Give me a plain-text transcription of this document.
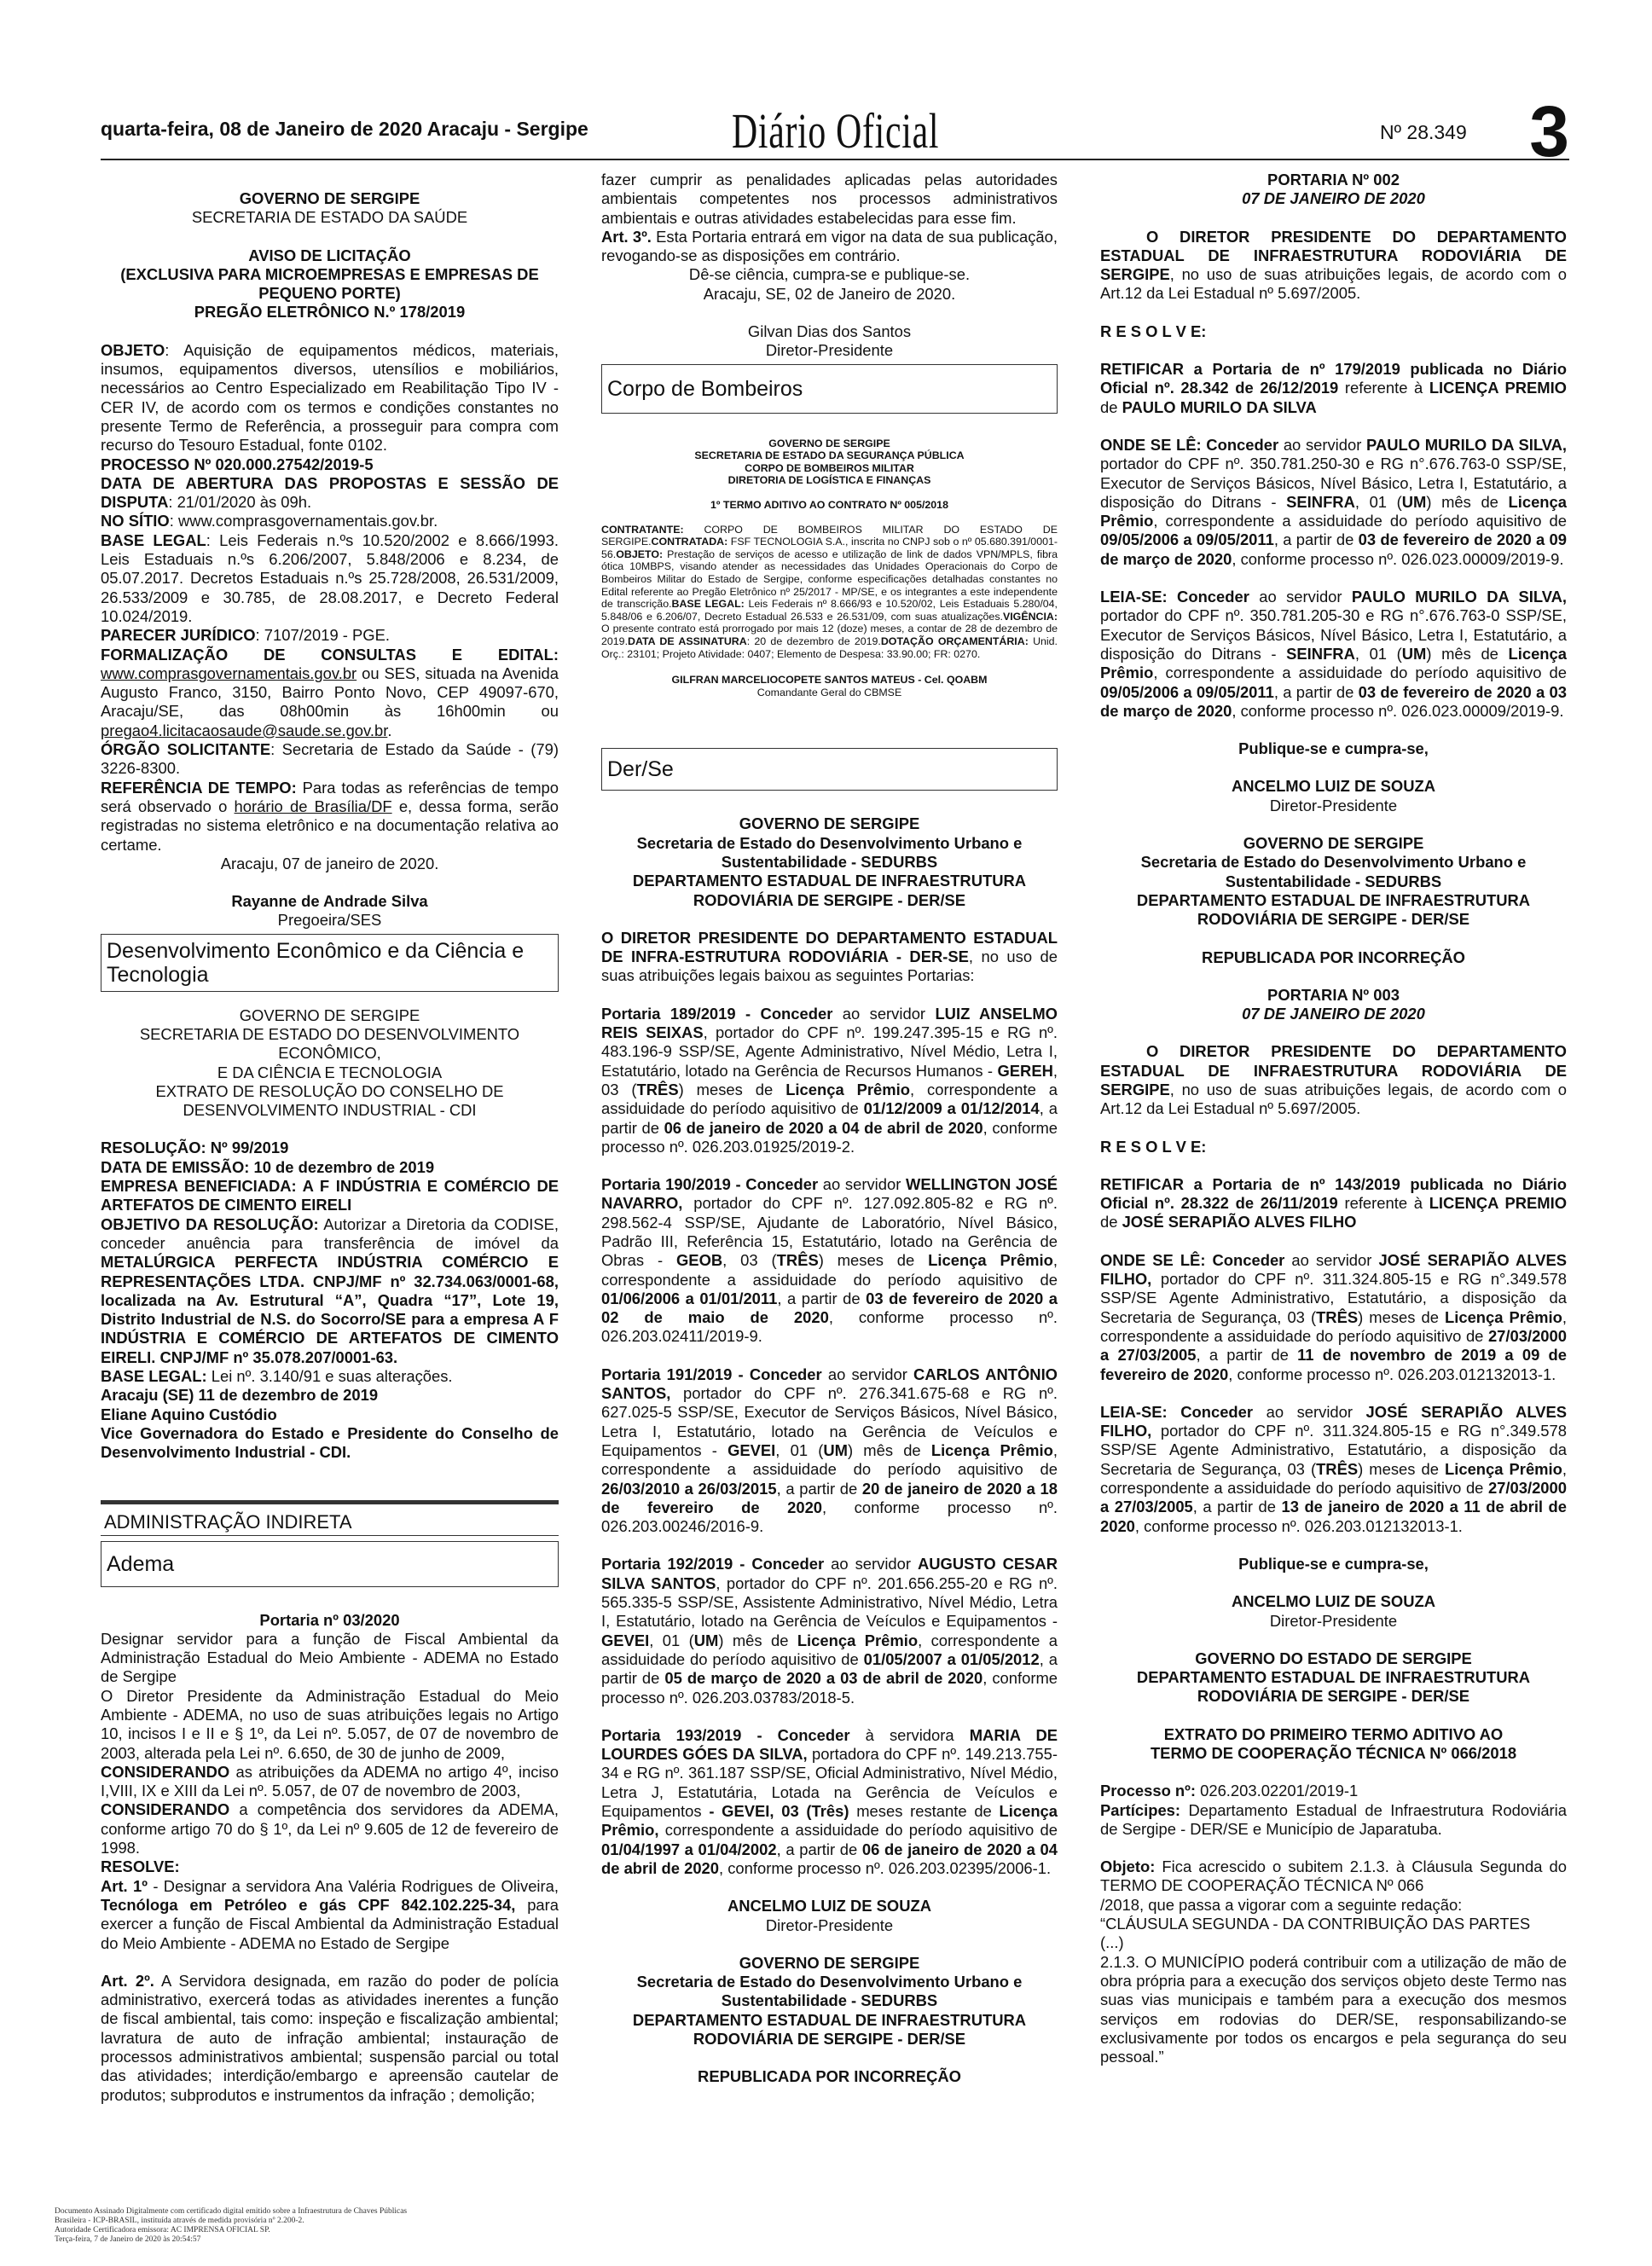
quarta-feira, 08 de Janeiro de 2020 Aracaju - Sergipe	Diário Oficial	Nº 28.349 3

GOVERNO DE SERGIPE

SECRETARIA DE ESTADO DA SAÚDE

AVISO DE LICITAÇÃO

(EXCLUSIVA PARA MICROEMPRESAS E EMPRESAS DE PEQUENO PORTE)

PREGÃO ELETRÔNICO N.º 178/2019

OBJETO: Aquisição de equipamentos médicos, materiais, insumos, equipamentos diversos, utensílios e mobiliários, necessários ao Centro Especializado em Reabilitação Tipo IV - CER IV, de acordo com os termos e condições constantes no presente Termo de Referência, a prosseguir para compra com recurso do Tesouro Estadual, fonte 0102.

PROCESSO Nº 020.000.27542/2019-5

DATA DE ABERTURA DAS PROPOSTAS E SESSÃO DE DISPUTA: 21/01/2020 às 09h.

NO SÍTIO: www.comprasgovernamentais.gov.br.

BASE LEGAL: Leis Federais n.ºs 10.520/2002 e 8.666/1993. Leis Estaduais n.ºs 6.206/2007, 5.848/2006 e 8.234, de 05.07.2017. Decretos Estaduais n.ºs 25.728/2008, 26.531/2009, 26.533/2009 e 30.785, de 28.08.2017, e Decreto Federal 10.024/2019.

PARECER JURÍDICO: 7107/2019 - PGE.

FORMALIZAÇÃO DE CONSULTAS E EDITAL: www.comprasgovernamentais.gov.br ou SES, situada na Avenida Augusto Franco, 3150, Bairro Ponto Novo, CEP 49097-670, Aracaju/SE, das 08h00min às 16h00min ou pregao4.licitacaosaude@saude.se.gov.br.

ÓRGÃO SOLICITANTE: Secretaria de Estado da Saúde - (79) 3226-8300.

REFERÊNCIA DE TEMPO: Para todas as referências de tempo será observado o horário de Brasília/DF e, dessa forma, serão registradas no sistema eletrônico e na documentação relativa ao certame.

Aracaju, 07 de janeiro de 2020.

Rayanne de Andrade Silva

Pregoeira/SES

Desenvolvimento Econômico e da Ciência e Tecnologia

GOVERNO DE SERGIPE

SECRETARIA DE ESTADO DO DESENVOLVIMENTO ECONÔMICO,

E DA CIÊNCIA E TECNOLOGIA

EXTRATO DE RESOLUÇÃO DO CONSELHO DE DESENVOLVIMENTO INDUSTRIAL - CDI

RESOLUÇÃO: Nº 99/2019

DATA DE EMISSÃO: 10 de dezembro de 2019

EMPRESA BENEFICIADA: A F INDÚSTRIA E COMÉRCIO DE ARTEFATOS DE CIMENTO EIRELI

OBJETIVO DA RESOLUÇÃO: Autorizar a Diretoria da CODISE, conceder anuência para transferência de imóvel da METALÚRGICA PERFECTA INDÚSTRIA COMÉRCIO E REPRESENTAÇÕES LTDA. CNPJ/MF nº 32.734.063/0001-68, localizada na Av. Estrutural “A”, Quadra “17”, Lote 19, Distrito Industrial de N.S. do Socorro/SE para a empresa A F INDÚSTRIA E COMÉRCIO DE ARTEFATOS DE CIMENTO EIRELI. CNPJ/MF nº 35.078.207/0001-63.

BASE LEGAL: Lei nº. 3.140/91 e suas alterações.

Aracaju (SE) 11 de dezembro de 2019

Eliane Aquino Custódio

Vice Governadora do Estado e Presidente do Conselho de Desenvolvimento Industrial - CDI.

ADMINISTRAÇÃO INDIRETA
Adema

Portaria nº 03/2020

Designar servidor para a função de Fiscal Ambiental da Administração Estadual do Meio Ambiente - ADEMA no Estado de Sergipe

O Diretor Presidente da Administração Estadual do Meio Ambiente - ADEMA, no uso de suas atribuições legais no Artigo 10, incisos I e II e § 1º, da Lei nº. 5.057, de 07 de novembro de 2003, alterada pela Lei nº. 6.650, de 30 de junho de 2009,

CONSIDERANDO as atribuições da ADEMA no artigo 4º, inciso I,VIII, IX e XIII da Lei nº. 5.057, de 07 de novembro de 2003,

CONSIDERANDO a competência dos servidores da ADEMA, conforme artigo 70 do § 1º, da Lei nº 9.605 de 12 de fevereiro de 1998.

RESOLVE:

Art. 1º - Designar a servidora Ana Valéria Rodrigues de Oliveira, Tecnóloga em Petróleo e gás CPF 842.102.225-34, para exercer a função de Fiscal Ambiental da Administração Estadual do Meio Ambiente - ADEMA no Estado de Sergipe

Art. 2º. A Servidora designada, em razão do poder de polícia administrativo, exercerá todas as atividades inerentes a função de fiscal ambiental, tais como: inspeção e fiscalização ambiental; lavratura de auto de infração ambiental; instauração de processos administrativos ambiental; suspensão parcial ou total das atividades; interdição/embargo e apreensão cautelar de produtos; subprodutos e instrumentos da infração ; demolição;

fazer cumprir as penalidades aplicadas pelas autoridades ambientais competentes nos processos administrativos ambientais e outras atividades estabelecidas para esse fim.

Art. 3º. Esta Portaria entrará em vigor na data de sua publicação, revogando-se as disposições em contrário.

Dê-se ciência, cumpra-se e publique-se.

Aracaju, SE, 02 de Janeiro de 2020.

Gilvan Dias dos Santos

Diretor-Presidente

Corpo de Bombeiros

GOVERNO DE SERGIPE

SECRETARIA DE ESTADO DA SEGURANÇA PÚBLICA

CORPO DE BOMBEIROS MILITAR

DIRETORIA DE LOGÍSTICA E FINANÇAS

1º TERMO ADITIVO AO CONTRATO Nº 005/2018

CONTRATANTE: CORPO DE BOMBEIROS MILITAR DO ESTADO DE SERGIPE.CONTRATADA: FSF TECNOLOGIA S.A., inscrita no CNPJ sob o nº 05.680.391/0001-56.OBJETO: Prestação de serviços de acesso e utilização de link de dados VPN/MPLS, fibra ótica 10MBPS, visando atender as necessidades das Unidades Operacionais do Corpo de Bombeiros Militar do Estado de Sergipe, conforme especificações detalhadas constantes no Edital referente ao Pregão Eletrônico nº 25/2017 - MP/SE, e os integrantes a este independente de transcrição.BASE LEGAL: Leis Federais nº 8.666/93 e 10.520/02, Leis Estaduais 5.280/04, 5.848/06 e 6.206/07, Decreto Estadual 26.533 e 26.531/09, com suas atualizações.VIGÊNCIA: O presente contrato está prorrogado por mais 12 (doze) meses, a contar de 28 de dezembro de 2019.DATA DE ASSINATURA: 20 de dezembro de 2019.DOTAÇÃO ORÇAMENTÁRIA: Unid. Orç.: 23101; Projeto Atividade: 0407; Elemento de Despesa: 33.90.00; FR: 0270.

GILFRAN MARCELIOCOPETE SANTOS MATEUS - Cel. QOABM

Comandante Geral do CBMSE

Der/Se

GOVERNO DE SERGIPE

Secretaria de Estado do Desenvolvimento Urbano e Sustentabilidade - SEDURBS

DEPARTAMENTO ESTADUAL DE INFRAESTRUTURA RODOVIÁRIA DE SERGIPE - DER/SE

O DIRETOR PRESIDENTE DO DEPARTAMENTO ESTADUAL DE INFRA-ESTRUTURA RODOVIÁRIA - DER-SE, no uso de suas atribuições legais baixou as seguintes Portarias:

Portaria 189/2019 - Conceder ao servidor LUIZ ANSELMO REIS SEIXAS, portador do CPF nº. 199.247.395-15 e RG nº. 483.196-9 SSP/SE, Agente Administrativo, Nível Médio, Letra I, Estatutário, lotado na Gerência de Recursos Humanos - GEREH, 03 (TRÊS) meses de Licença Prêmio, correspondente a assiduidade do período aquisitivo de 01/12/2009 a 01/12/2014, a partir de 06 de janeiro de 2020 a 04 de abril de 2020, conforme processo nº. 026.203.01925/2019-2.

Portaria 190/2019 - Conceder ao servidor WELLINGTON JOSÉ NAVARRO, portador do CPF nº. 127.092.805-82 e RG nº. 298.562-4 SSP/SE, Ajudante de Laboratório, Nível Básico, Padrão III, Referência 15, Estatutário, lotado na Gerência de Obras - GEOB, 03 (TRÊS) meses de Licença Prêmio, correspondente a assiduidade do período aquisitivo de 01/06/2006 a 01/01/2011, a partir de 03 de fevereiro de 2020 a 02 de maio de 2020, conforme processo nº. 026.203.02411/2019-9.

Portaria 191/2019 - Conceder ao servidor CARLOS ANTÔNIO SANTOS, portador do CPF nº. 276.341.675-68 e RG nº. 627.025-5 SSP/SE, Executor de Serviços Básicos, Nível Básico, Letra I, Estatutário, lotado na Gerência de Veículos e Equipamentos - GEVEI, 01 (UM) mês de Licença Prêmio, correspondente a assiduidade do período aquisitivo de 26/03/2010 a 26/03/2015, a partir de 20 de janeiro de 2020 a 18 de fevereiro de 2020, conforme processo nº. 026.203.00246/2016-9.

Portaria 192/2019 - Conceder ao servidor AUGUSTO CESAR SILVA SANTOS, portador do CPF nº. 201.656.255-20 e RG nº. 565.335-5 SSP/SE, Assistente Administrativo, Nível Médio, Letra I, Estatutário, lotado na Gerência de Veículos e Equipamentos - GEVEI, 01 (UM) mês de Licença Prêmio, correspondente a assiduidade do período aquisitivo de 01/05/2007 a 01/05/2012, a partir de 05 de março de 2020 a 03 de abril de 2020, conforme processo nº. 026.203.03783/2018-5.

Portaria 193/2019 - Conceder à servidora MARIA DE LOURDES GÓES DA SILVA, portadora do CPF nº. 149.213.755-34 e RG nº. 361.187 SSP/SE, Oficial Administrativo, Nível Médio, Letra J, Estatutária, Lotada na Gerência de Veículos e Equipamentos - GEVEI, 03 (Três) meses restante de Licença Prêmio, correspondente a assiduidade do período aquisitivo de 01/04/1997 a 01/04/2002, a partir de 06 de janeiro de 2020 a 04 de abril de 2020, conforme processo nº. 026.203.02395/2006-1.

ANCELMO LUIZ DE SOUZA

Diretor-Presidente

GOVERNO DE SERGIPE

Secretaria de Estado do Desenvolvimento Urbano e Sustentabilidade - SEDURBS

DEPARTAMENTO ESTADUAL DE INFRAESTRUTURA RODOVIÁRIA DE SERGIPE - DER/SE

REPUBLICADA POR INCORREÇÃO

PORTARIA Nº 002

07 DE JANEIRO DE 2020

O DIRETOR PRESIDENTE DO DEPARTAMENTO ESTADUAL DE INFRAESTRUTURA RODOVIÁRIA DE SERGIPE, no uso de suas atribuições legais, de acordo com o Art.12 da Lei Estadual nº 5.697/2005.

R E S O L V E:

RETIFICAR a Portaria de nº 179/2019 publicada no Diário Oficial nº. 28.342 de 26/12/2019 referente à LICENÇA PREMIO de PAULO MURILO DA SILVA

ONDE SE LÊ: Conceder ao servidor PAULO MURILO DA SILVA, portador do CPF nº. 350.781.250-30 e RG n°.676.763-0 SSP/SE, Executor de Serviços Básicos, Nível Básico, Letra I, Estatutário, a disposição do Ditrans - SEINFRA, 01 (UM) mês de Licença Prêmio, correspondente a assiduidade do período aquisitivo de 09/05/2006 a 09/05/2011, a partir de 03 de fevereiro de 2020 a 09 de março de 2020, conforme processo nº. 026.023.00009/2019-9.

LEIA-SE: Conceder ao servidor PAULO MURILO DA SILVA, portador do CPF nº. 350.781.205-30 e RG n°.676.763-0 SSP/SE, Executor de Serviços Básicos, Nível Básico, Letra I, Estatutário, a disposição do Ditrans - SEINFRA, 01 (UM) mês de Licença Prêmio, correspondente a assiduidade do período aquisitivo de 09/05/2006 a 09/05/2011, a partir de 03 de fevereiro de 2020 a 03 de março de 2020, conforme processo nº. 026.023.00009/2019-9.

Publique-se e cumpra-se,

ANCELMO LUIZ DE SOUZA

Diretor-Presidente

GOVERNO DE SERGIPE

Secretaria de Estado do Desenvolvimento Urbano e Sustentabilidade - SEDURBS

DEPARTAMENTO ESTADUAL DE INFRAESTRUTURA RODOVIÁRIA DE SERGIPE - DER/SE

REPUBLICADA POR INCORREÇÃO

PORTARIA Nº 003

07 DE JANEIRO DE 2020

O DIRETOR PRESIDENTE DO DEPARTAMENTO ESTADUAL DE INFRAESTRUTURA RODOVIÁRIA DE SERGIPE, no uso de suas atribuições legais, de acordo com o Art.12 da Lei Estadual nº 5.697/2005.

R E S O L V E:

RETIFICAR a Portaria de nº 143/2019 publicada no Diário Oficial nº. 28.322 de 26/11/2019 referente à LICENÇA PREMIO de JOSÉ SERAPIÃO ALVES FILHO

ONDE SE LÊ: Conceder ao servidor JOSÉ SERAPIÃO ALVES FILHO, portador do CPF nº. 311.324.805-15 e RG n°.349.578 SSP/SE Agente Administrativo, Estatutário, a disposição da Secretaria de Segurança, 03 (TRÊS) meses de Licença Prêmio, correspondente a assiduidade do período aquisitivo de 27/03/2000 a 27/03/2005, a partir de 11 de novembro de 2019 a 09 de fevereiro de 2020, conforme processo nº. 026.203.012132013-1.

LEIA-SE: Conceder ao servidor JOSÉ SERAPIÃO ALVES FILHO, portador do CPF nº. 311.324.805-15 e RG n°.349.578 SSP/SE Agente Administrativo, Estatutário, a disposição da Secretaria de Segurança, 03 (TRÊS) meses de Licença Prêmio, correspondente a assiduidade do período aquisitivo de 27/03/2000 a 27/03/2005, a partir de 13 de janeiro de 2020 a 11 de abril de 2020, conforme processo nº. 026.203.012132013-1.

Publique-se e cumpra-se,

ANCELMO LUIZ DE SOUZA

Diretor-Presidente

GOVERNO DO ESTADO DE SERGIPE

DEPARTAMENTO ESTADUAL DE INFRAESTRUTURA RODOVIÁRIA DE SERGIPE - DER/SE

EXTRATO DO PRIMEIRO TERMO ADITIVO AO

TERMO DE COOPERAÇÃO TÉCNICA Nº 066/2018

Processo nº: 026.203.02201/2019-1

Partícipes: Departamento Estadual de Infraestrutura Rodoviária de Sergipe - DER/SE e Município de Japaratuba.

Objeto: Fica acrescido o subitem 2.1.3. à Cláusula Segunda do TERMO DE COOPERAÇÃO TÉCNICA Nº 066

/2018, que passa a vigorar com a seguinte redação:

“CLÁUSULA SEGUNDA - DA CONTRIBUIÇÃO DAS PARTES

(...)

2.1.3. O MUNICÍPIO poderá contribuir com a utilização de mão de obra própria para a execução dos serviços objeto deste Termo nas suas vias municipais e também para a execução dos mesmos serviços em rodovias do DER/SE, responsabilizando-se exclusivamente por todos os encargos e pela segurança do seu pessoal.”

Documento Assinado Digitalmente com certificado digital emitido sobre a Infraestrutura de Chaves Públicas
Brasileira - ICP-BRASIL, instituída através de medida provisória nº 2.200-2.
Autoridade Certificadora emissora: AC IMPRENSA OFICIAL SP.
Terça-feira, 7 de Janeiro de 2020 às 20:54:57
